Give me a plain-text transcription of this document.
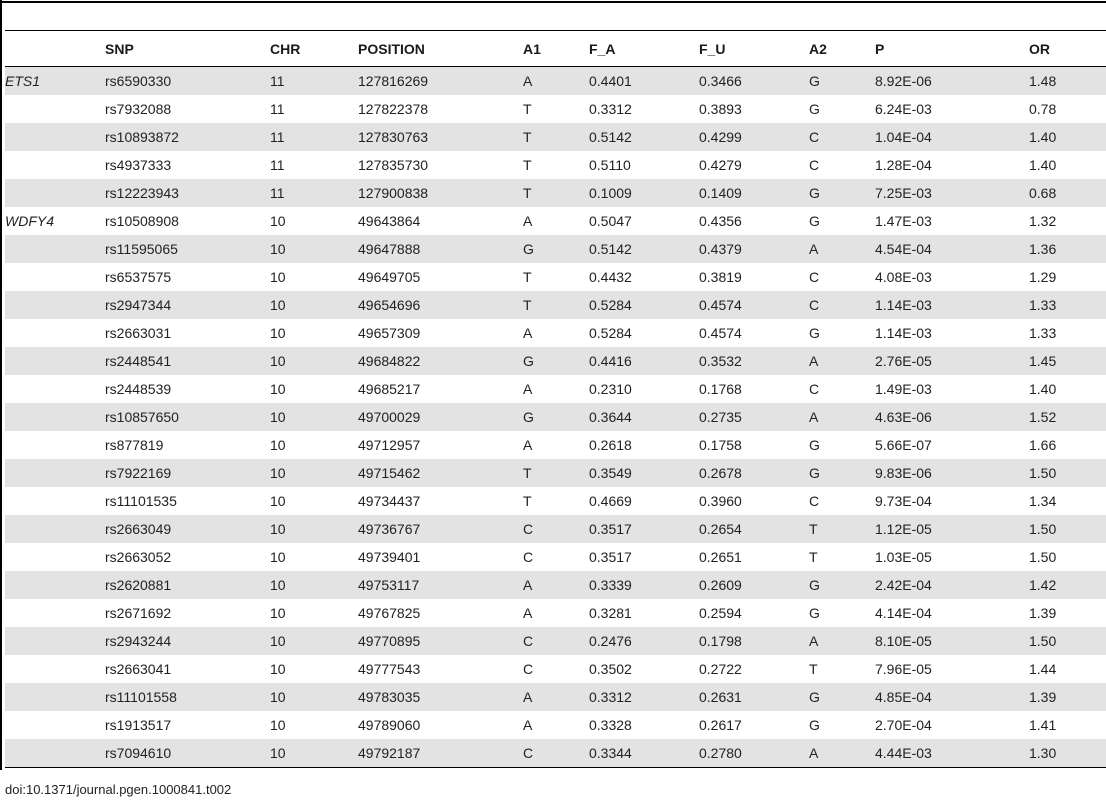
	SNP	CHR	POSITION	A1	F_A	F_U	A2	P	OR
ETS1	rs6590330	11	127816269	A	0.4401	0.3466	G	8.92E-06	1.48
	rs7932088	11	127822378	T	0.3312	0.3893	G	6.24E-03	0.78
	rs10893872	11	127830763	T	0.5142	0.4299	C	1.04E-04	1.40
	rs4937333	11	127835730	T	0.5110	0.4279	C	1.28E-04	1.40
	rs12223943	11	127900838	T	0.1009	0.1409	G	7.25E-03	0.68
WDFY4	rs10508908	10	49643864	A	0.5047	0.4356	G	1.47E-03	1.32
	rs11595065	10	49647888	G	0.5142	0.4379	A	4.54E-04	1.36
	rs6537575	10	49649705	T	0.4432	0.3819	C	4.08E-03	1.29
	rs2947344	10	49654696	T	0.5284	0.4574	C	1.14E-03	1.33
	rs2663031	10	49657309	A	0.5284	0.4574	G	1.14E-03	1.33
	rs2448541	10	49684822	G	0.4416	0.3532	A	2.76E-05	1.45
	rs2448539	10	49685217	A	0.2310	0.1768	C	1.49E-03	1.40
	rs10857650	10	49700029	G	0.3644	0.2735	A	4.63E-06	1.52
	rs877819	10	49712957	A	0.2618	0.1758	G	5.66E-07	1.66
	rs7922169	10	49715462	T	0.3549	0.2678	G	9.83E-06	1.50
	rs11101535	10	49734437	T	0.4669	0.3960	C	9.73E-04	1.34
	rs2663049	10	49736767	C	0.3517	0.2654	T	1.12E-05	1.50
	rs2663052	10	49739401	C	0.3517	0.2651	T	1.03E-05	1.50
	rs2620881	10	49753117	A	0.3339	0.2609	G	2.42E-04	1.42
	rs2671692	10	49767825	A	0.3281	0.2594	G	4.14E-04	1.39
	rs2943244	10	49770895	C	0.2476	0.1798	A	8.10E-05	1.50
	rs2663041	10	49777543	C	0.3502	0.2722	T	7.96E-05	1.44
	rs11101558	10	49783035	A	0.3312	0.2631	G	4.85E-04	1.39
	rs1913517	10	49789060	A	0.3328	0.2617	G	2.70E-04	1.41
	rs7094610	10	49792187	C	0.3344	0.2780	A	4.44E-03	1.30
doi:10.1371/journal.pgen.1000841.t002
